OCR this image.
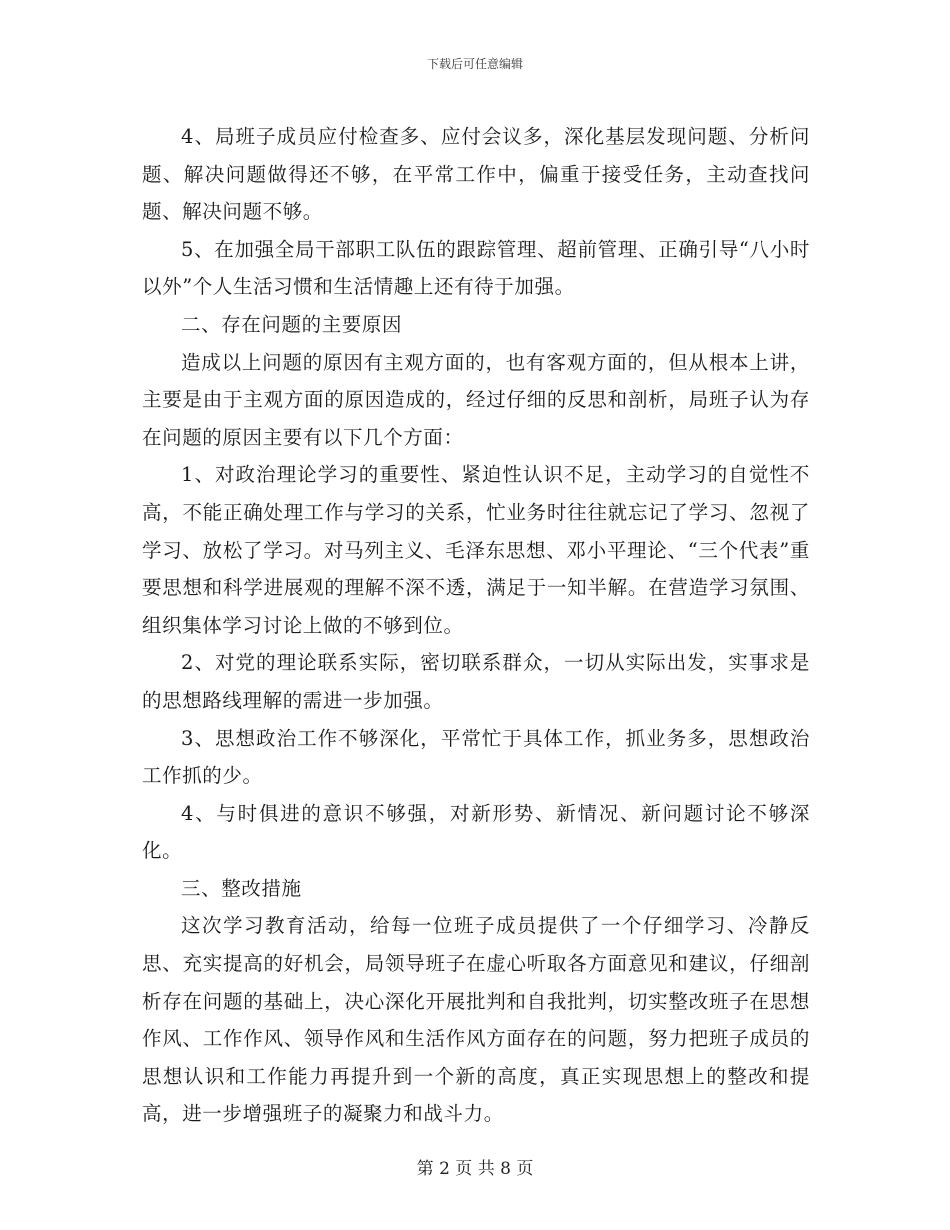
下载后可任意编辑

4、局班子成员应付检查多、应付会议多，深化基层发现问题、分析问题、解决问题做得还不够，在平常工作中，偏重于接受任务，主动查找问题、解决问题不够。

5、在加强全局干部职工队伍的跟踪管理、超前管理、正确引导“八小时以外”个人生活习惯和生活情趣上还有待于加强。

二、存在问题的主要原因

造成以上问题的原因有主观方面的，也有客观方面的，但从根本上讲，主要是由于主观方面的原因造成的，经过仔细的反思和剖析，局班子认为存在问题的原因主要有以下几个方面：

1、对政治理论学习的重要性、紧迫性认识不足，主动学习的自觉性不高，不能正确处理工作与学习的关系，忙业务时往往就忘记了学习、忽视了学习、放松了学习。对马列主义、毛泽东思想、邓小平理论、“三个代表”重要思想和科学进展观的理解不深不透，满足于一知半解。在营造学习氛围、组织集体学习讨论上做的不够到位。

2、对党的理论联系实际，密切联系群众，一切从实际出发，实事求是的思想路线理解的需进一步加强。

3、思想政治工作不够深化，平常忙于具体工作，抓业务多，思想政治工作抓的少。

4、与时俱进的意识不够强，对新形势、新情况、新问题讨论不够深化。

三、整改措施

这次学习教育活动，给每一位班子成员提供了一个仔细学习、冷静反思、充实提高的好机会，局领导班子在虚心听取各方面意见和建议，仔细剖析存在问题的基础上，决心深化开展批判和自我批判，切实整改班子在思想作风、工作作风、领导作风和生活作风方面存在的问题，努力把班子成员的思想认识和工作能力再提升到一个新的高度，真正实现思想上的整改和提高，进一步增强班子的凝聚力和战斗力。

第 2 页 共 8 页
